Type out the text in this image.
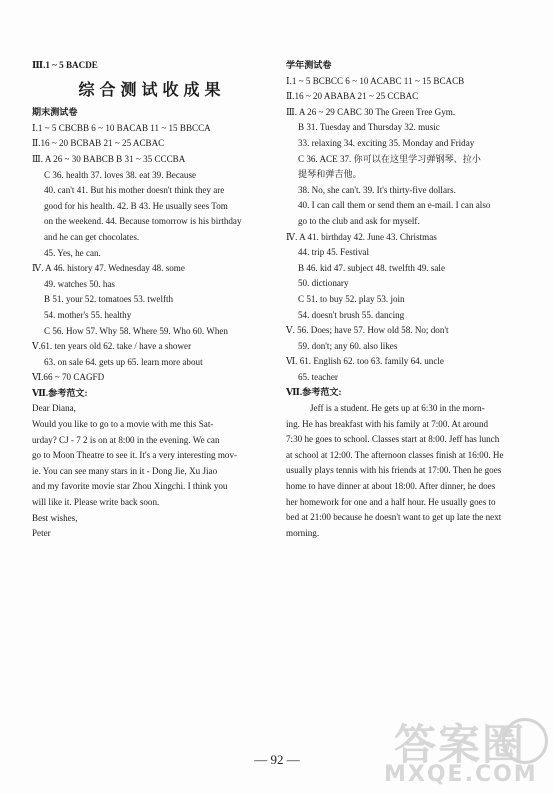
Ⅲ.1 ~ 5 BACDE
综合测试收成果
期末测试卷
Ⅰ.1 ~ 5 CBCBB 6 ~ 10 BACAB 11 ~ 15 BBCCA
Ⅱ.16 ~ 20 BCBAB 21 ~ 25 ACBAC
Ⅲ. A 26 ~ 30 BABCB B 31 ~ 35 CCCBA
C 36. health 37. loves 38. eat 39. Because
40. can't 41. But his mother doesn't think they are
good for his health. 42. B 43. He usually sees Tom
on the weekend. 44. Because tomorrow is his birthday
and he can get chocolates.
45. Yes, he can.
Ⅳ. A 46. history 47. Wednesday 48. some
49. watches 50. has
B 51. your 52. tomatoes 53. twelfth
54. mother's 55. healthy
C 56. How 57. Why 58. Where 59. Who 60. When
Ⅴ.61. ten years old 62. take / have a shower
63. on sale 64. gets up 65. learn more about
Ⅵ.66 ~ 70 CAGFD
Ⅶ.参考范文:
Dear Diana,
Would you like to go to a movie with me this Sat-
urday? CJ - 7 2 is on at 8:00 in the evening. We can
go to Moon Theatre to see it. It's a very interesting mov-
ie. You can see many stars in it - Dong Jie, Xu Jiao
and my favorite movie star Zhou Xingchi. I think you
will like it. Please write back soon.
Best wishes,
Peter
学年测试卷
Ⅰ.1 ~ 5 BCBCC 6 ~ 10 ACABC 11 ~ 15 BCACB
Ⅱ.16 ~ 20 ABABA 21 ~ 25 CCBAC
Ⅲ. A 26 ~ 29 CABC 30 The Green Tree Gym.
B 31. Tuesday and Thursday 32. music
33. relaxing 34. exciting 35. Monday and Friday
C 36. ACE 37. 你可以在这里学习弹钢琴、拉小
提琴和弹吉他。
38. No, she can't. 39. It's thirty-five dollars.
40. I can call them or send them an e-mail. I can also
go to the club and ask for myself.
Ⅳ. A 41. birthday 42. June 43. Christmas
44. trip 45. Festival
B 46. kid 47. subject 48. twelfth 49. sale
50. dictionary
C 51. to buy 52. play 53. join
54. doesn't brush 55. dancing
Ⅴ. 56. Does; have 57. How old 58. No; don't
59. don't; any 60. also likes
Ⅵ. 61. English 62. too 63. family 64. uncle
65. teacher
Ⅶ.参考范文:
Jeff is a student. He gets up at 6:30 in the morn-
ing. He has breakfast with his family at 7:00. At around
7:30 he goes to school. Classes start at 8:00. Jeff has lunch
at school at 12:00. The afternoon classes finish at 16:00. He
usually plays tennis with his friends at 17:00. Then he goes
home to have dinner at about 18:00. After dinner, he does
her homework for one and a half hour. He usually goes to
bed at 21:00 because he doesn't want to get up late the next
morning.
— 92 —	答案圈
MXQE.COM
